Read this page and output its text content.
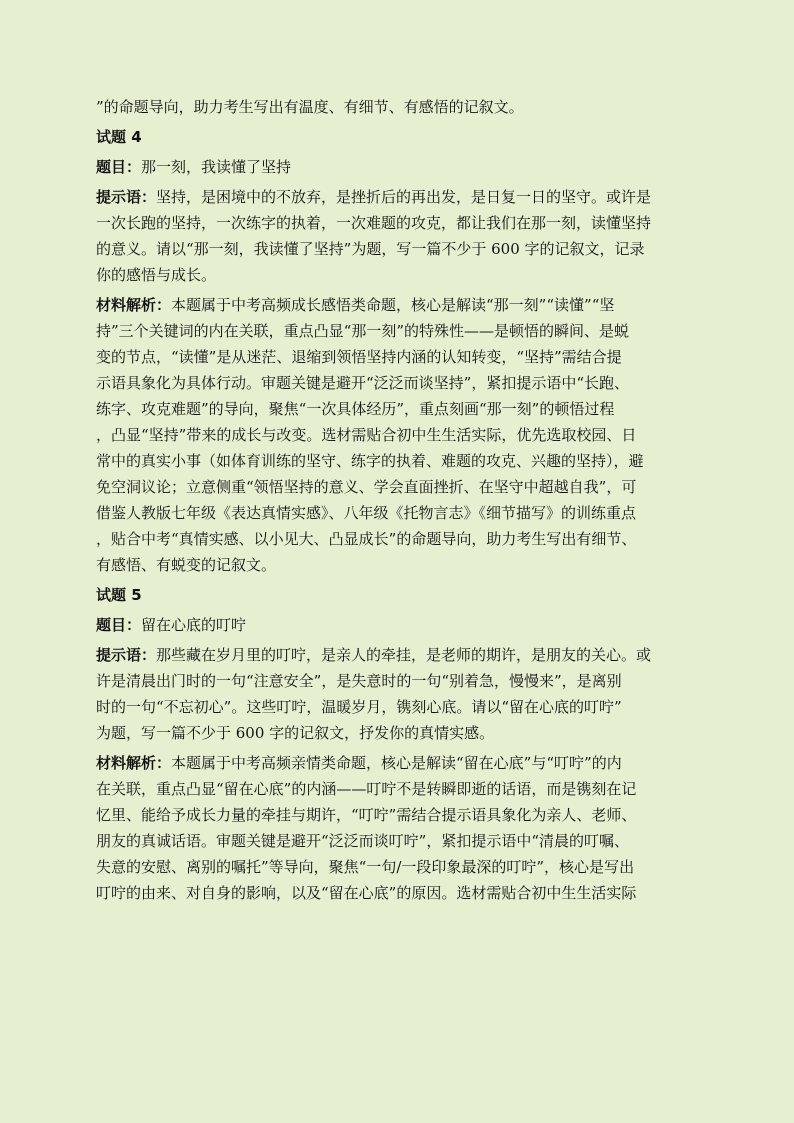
”的命题导向，助力考生写出有温度、有细节、有感悟的记叙文。
试题 4
题目：那一刻，我读懂了坚持
提示语：坚持，是困境中的不放弃，是挫折后的再出发，是日复一日的坚守。或许是
一次长跑的坚持，一次练字的执着，一次难题的攻克，都让我们在那一刻，读懂坚持
的意义。请以“那一刻，我读懂了坚持”为题，写一篇不少于 600 字的记叙文，记录
你的感悟与成长。
材料解析：本题属于中考高频成长感悟类命题，核心是解读“那一刻”“读懂”“坚
持”三个关键词的内在关联，重点凸显“那一刻”的特殊性——是顿悟的瞬间、是蜕
变的节点，“读懂”是从迷茫、退缩到领悟坚持内涵的认知转变，“坚持”需结合提
示语具象化为具体行动。审题关键是避开“泛泛而谈坚持”，紧扣提示语中“长跑、
练字、攻克难题”的导向，聚焦“一次具体经历”，重点刻画“那一刻”的顿悟过程
，凸显“坚持”带来的成长与改变。选材需贴合初中生生活实际，优先选取校园、日
常中的真实小事（如体育训练的坚守、练字的执着、难题的攻克、兴趣的坚持），避
免空洞议论；立意侧重“领悟坚持的意义、学会直面挫折、在坚守中超越自我”，可
借鉴人教版七年级《表达真情实感》、八年级《托物言志》《细节描写》的训练重点
，贴合中考“真情实感、以小见大、凸显成长”的命题导向，助力考生写出有细节、
有感悟、有蜕变的记叙文。
试题 5
题目：留在心底的叮咛
提示语：那些藏在岁月里的叮咛，是亲人的牵挂，是老师的期许，是朋友的关心。或
许是清晨出门时的一句“注意安全”，是失意时的一句“别着急，慢慢来”，是离别
时的一句“不忘初心”。这些叮咛，温暖岁月，镌刻心底。请以“留在心底的叮咛”
为题，写一篇不少于 600 字的记叙文，抒发你的真情实感。
材料解析：本题属于中考高频亲情类命题，核心是解读“留在心底”与“叮咛”的内
在关联，重点凸显“留在心底”的内涵——叮咛不是转瞬即逝的话语，而是镌刻在记
忆里、能给予成长力量的牵挂与期许，“叮咛”需结合提示语具象化为亲人、老师、
朋友的真诚话语。审题关键是避开“泛泛而谈叮咛”，紧扣提示语中“清晨的叮嘱、
失意的安慰、离别的嘱托”等导向，聚焦“一句/一段印象最深的叮咛”，核心是写出
叮咛的由来、对自身的影响，以及“留在心底”的原因。选材需贴合初中生生活实际
